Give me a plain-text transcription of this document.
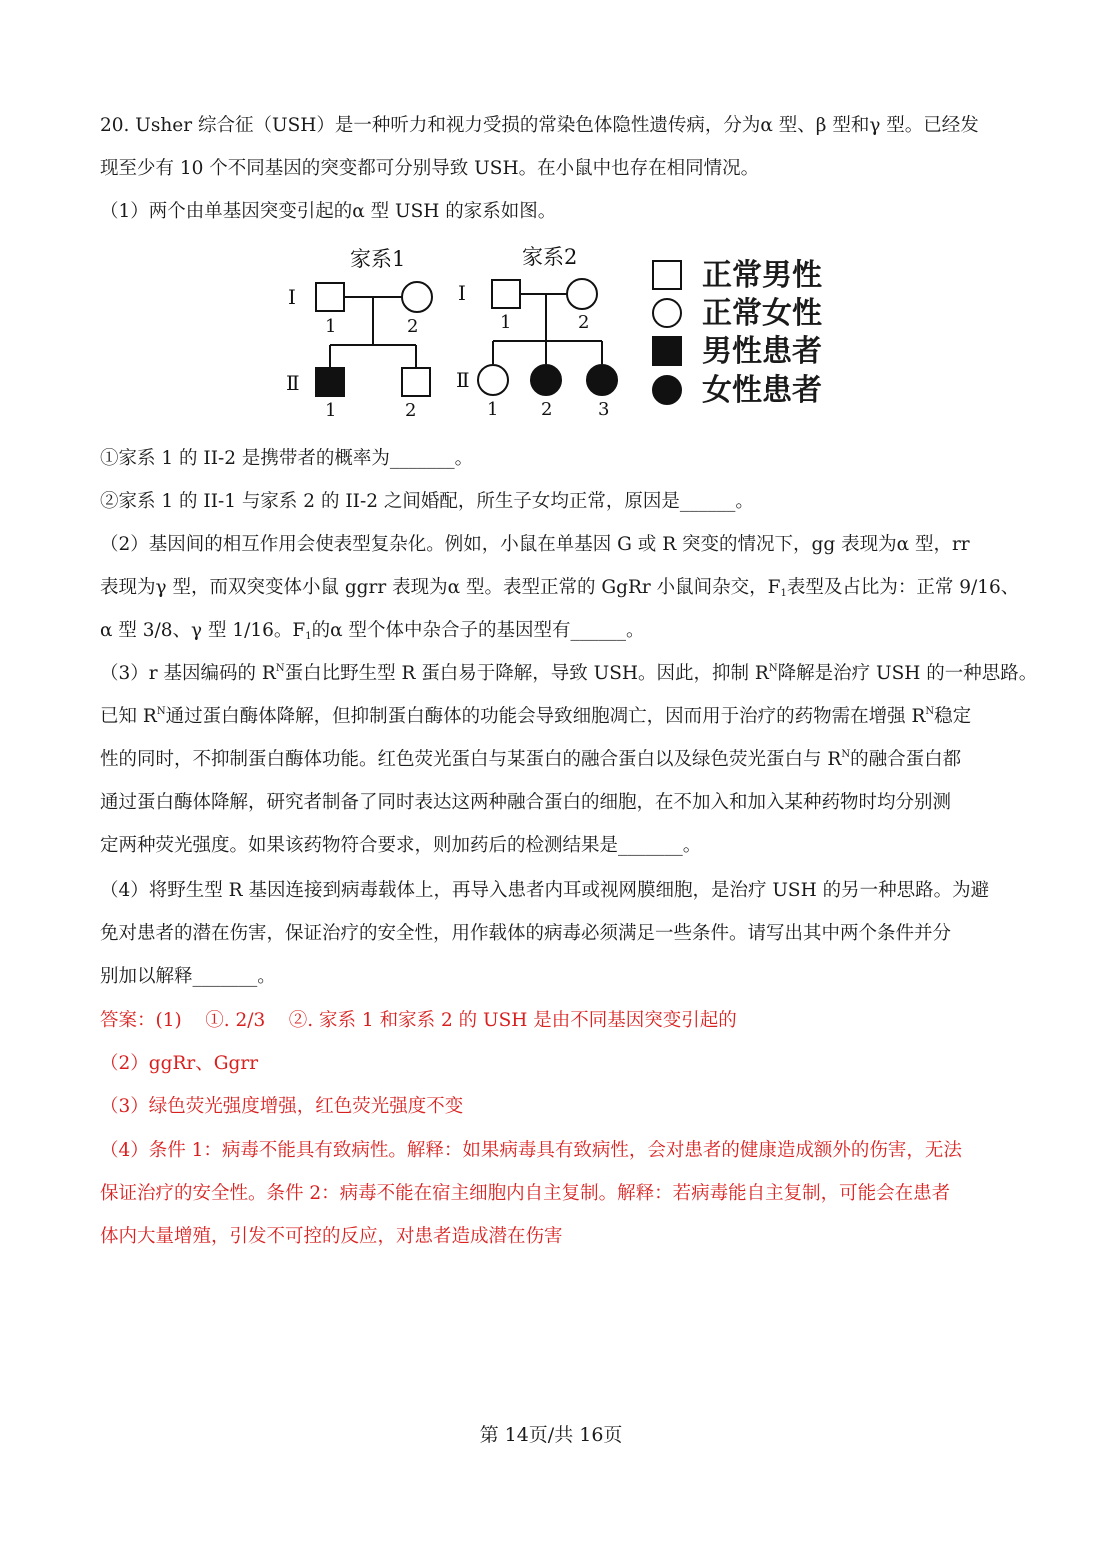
20. Usher 综合征（USH）是一种听力和视力受损的常染色体隐性遗传病，分为α 型、β 型和γ 型。已经发
现至少有 10 个不同基因的突变都可分别导致 USH。在小鼠中也存在相同情况。
（1）两个由单基因突变引起的α 型 USH 的家系如图。
家系1
I
Ⅱ
1	2
1	2
家系2
I
Ⅱ
1	2
1 2	3
正常男性
正常女性
男性患者
女性患者
①家系 1 的 II-2 是携带者的概率为_______。
②家系 1 的 II-1 与家系 2 的 II-2 之间婚配，所生子女均正常，原因是______。
（2）基因间的相互作用会使表型复杂化。例如，小鼠在单基因 G 或 R 突变的情况下，gg 表现为α 型，rr
表现为γ 型，而双突变体小鼠 ggrr 表现为α 型。表型正常的 GgRr 小鼠间杂交，$F_1$表型及占比为：正常 9/16、
α 型 3/8、γ 型 1/16。$F_1$的α 型个体中杂合子的基因型有______。
（3）r 基因编码的 $R^N$蛋白比野生型 R 蛋白易于降解，导致 USH。因此，抑制 $R^N$降解是治疗 USH 的一种思路。
已知 $R^N$通过蛋白酶体降解，但抑制蛋白酶体的功能会导致细胞凋亡，因而用于治疗的药物需在增强 $R^N$稳定
性的同时，不抑制蛋白酶体功能。红色荧光蛋白与某蛋白的融合蛋白以及绿色荧光蛋白与 $R^N$的融合蛋白都
通过蛋白酶体降解，研究者制备了同时表达这两种融合蛋白的细胞，在不加入和加入某种药物时均分别测
定两种荧光强度。如果该药物符合要求，则加药后的检测结果是_______。
（4）将野生型 R 基因连接到病毒载体上，再导入患者内耳或视网膜细胞，是治疗 USH 的另一种思路。为避
免对患者的潜在伤害，保证治疗的安全性，用作载体的病毒必须满足一些条件。请写出其中两个条件并分
别加以解释_______。
答案：(1)    ①. 2/3    ②. 家系 1 和家系 2 的 USH 是由不同基因突变引起的
（2）ggRr、Ggrr
（3）绿色荧光强度增强，红色荧光强度不变
（4）条件 1：病毒不能具有致病性。解释：如果病毒具有致病性，会对患者的健康造成额外的伤害，无法
保证治疗的安全性。条件 2：病毒不能在宿主细胞内自主复制。解释：若病毒能自主复制，可能会在患者
体内大量增殖，引发不可控的反应，对患者造成潜在伤害
第 14页/共 16页
